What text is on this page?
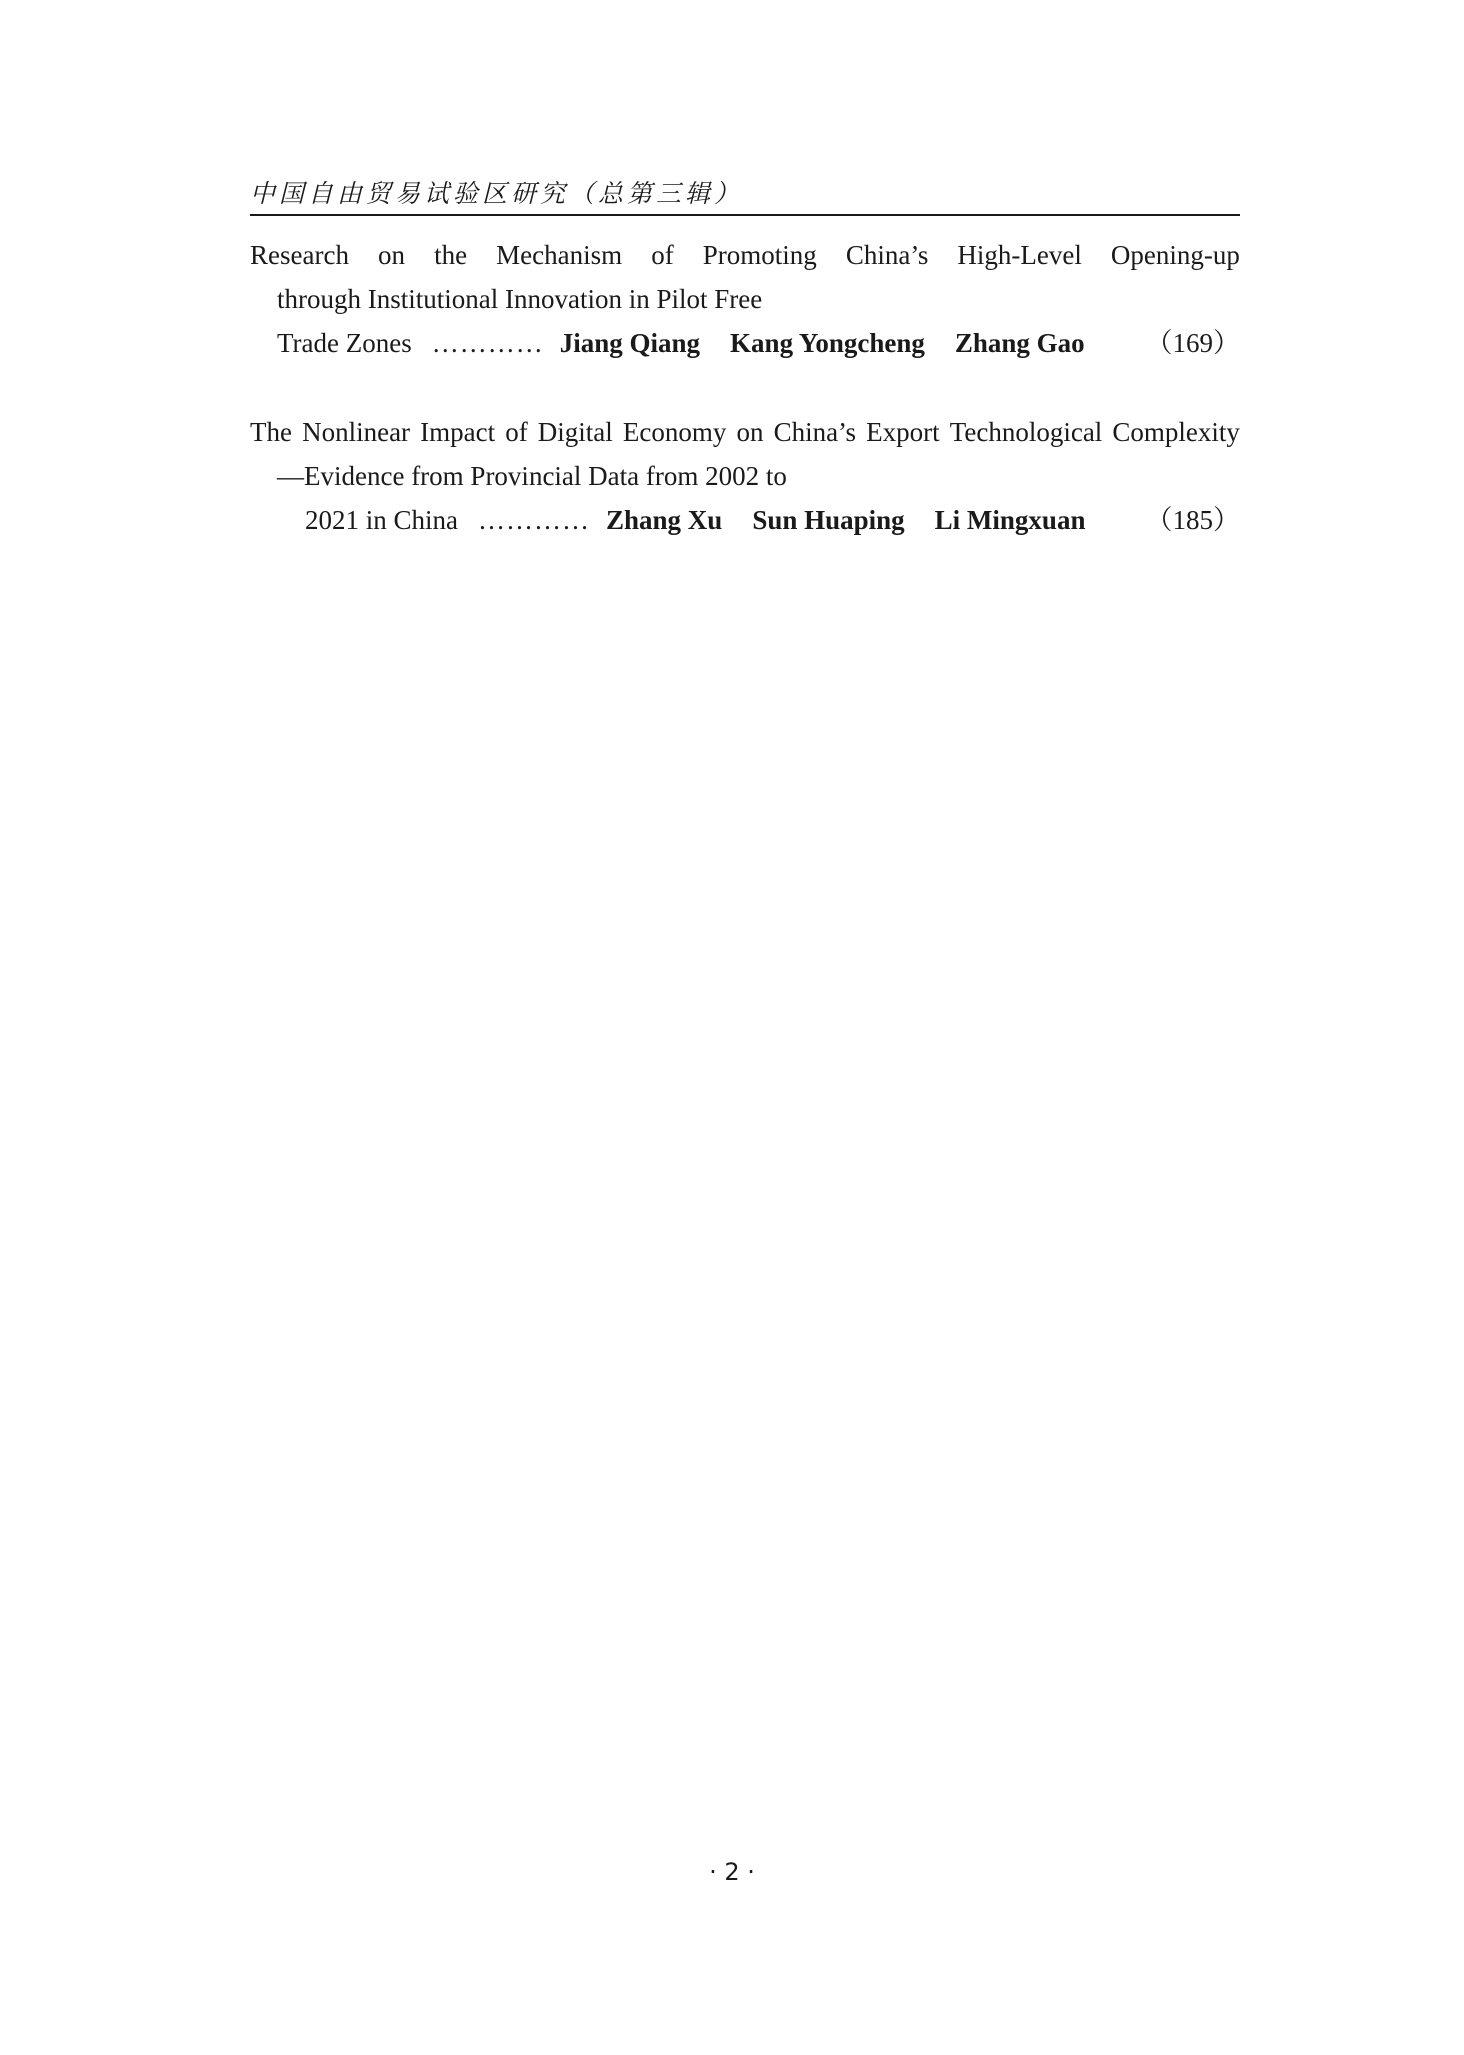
中国自由贸易试验区研究（总第三辑）
Research on the Mechanism of Promoting China’s High-Level Opening-up
through Institutional Innovation in Pilot Free
Trade Zones ………… Jiang Qiang Kang Yongcheng Zhang Gao （169）
The Nonlinear Impact of Digital Economy on China’s Export Technological Complexity
—Evidence from Provincial Data from 2002 to
2021 in China ………… Zhang Xu Sun Huaping Li Mingxuan （185）
· 2 ·
